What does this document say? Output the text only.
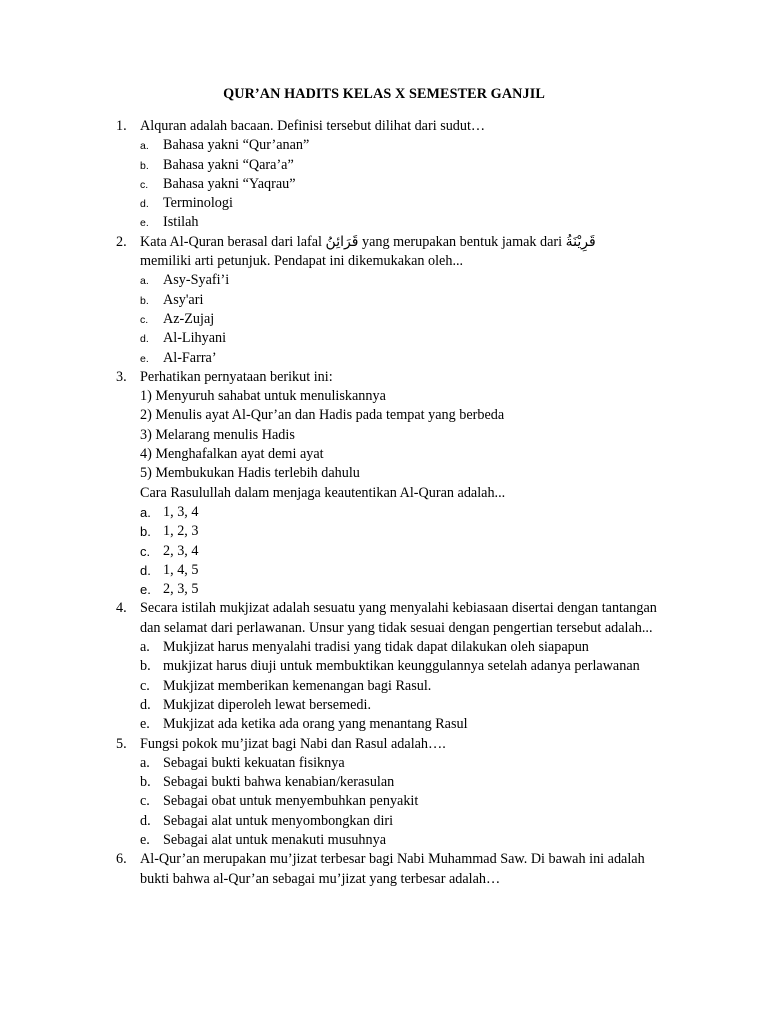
QUR’AN HADITS KELAS X SEMESTER GANJIL
1. Alquran adalah bacaan. Definisi tersebut dilihat dari sudut…

a. Bahasa yakni “Qur’anan”
b. Bahasa yakni “Qara’a”
c. Bahasa yakni “Yaqrau”
d. Terminologi
e. Istilah
2. Kata Al-Quran berasal dari lafal قَرَائِنُ yang merupakan bentuk jamak dari قَرِيْنَةُ
memiliki arti petunjuk. Pendapat ini dikemukakan oleh...

a. Asy-Syafi’i
b. Asy'ari
c. Az-Zujaj
d. Al-Lihyani
e. Al-Farra’
3. Perhatikan pernyataan berikut ini:

1) Menyuruh sahabat untuk menuliskannya
2) Menulis ayat Al-Qur’an dan Hadis pada tempat yang berbeda
3) Melarang menulis Hadis
4) Menghafalkan ayat demi ayat
5) Membukukan Hadis terlebih dahulu

Cara Rasulullah dalam menjaga keautentikan Al-Quran adalah...

a. 1, 3, 4
b. 1, 2, 3
c. 2, 3, 4
d. 1, 4, 5
e. 2, 3, 5
4. Secara istilah mukjizat adalah sesuatu yang menyalahi kebiasaan disertai dengan tantangan dan selamat dari perlawanan. Unsur yang tidak sesuai dengan pengertian tersebut adalah...

a. Mukjizat harus menyalahi tradisi yang tidak dapat dilakukan oleh siapapun
b. mukjizat harus diuji untuk membuktikan keunggulannya setelah adanya perlawanan
c. Mukjizat memberikan kemenangan bagi Rasul.
d. Mukjizat diperoleh lewat bersemedi.
e. Mukjizat ada ketika ada orang yang menantang Rasul
5. Fungsi pokok mu’jizat bagi Nabi dan Rasul adalah….

a. Sebagai bukti kekuatan fisiknya
b. Sebagai bukti bahwa kenabian/kerasulan
c. Sebagai obat untuk menyembuhkan penyakit
d. Sebagai alat untuk menyombongkan diri
e. Sebagai alat untuk menakuti musuhnya
6. Al-Qur’an merupakan mu’jizat terbesar bagi Nabi Muhammad Saw. Di bawah ini adalah bukti bahwa al-Qur’an sebagai mu’jizat yang terbesar adalah…
